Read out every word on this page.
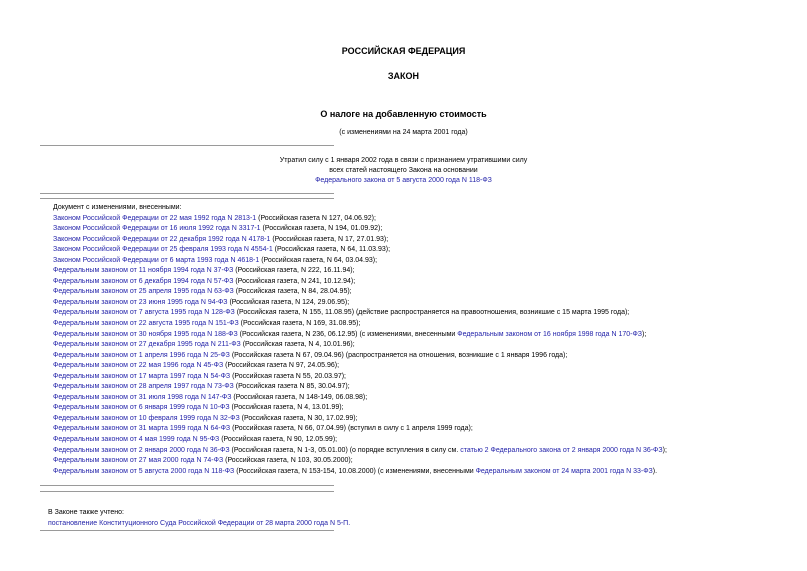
РОССИЙСКАЯ ФЕДЕРАЦИЯ
ЗАКОН
О налоге на добавленную стоимость
(с изменениями на 24 марта 2001 года)
Утратил силу с 1 января 2002 года в связи с признанием утратившими силу
всех статей настоящего Закона на основании
Федерального закона от 5 августа 2000 года N 118-ФЗ
Документ с изменениями, внесенными:
Законом Российской Федерации от 22 мая 1992 года N 2813-1 (Российская газета N 127, 04.06.92);
Законом Российской Федерации от 16 июля 1992 года N 3317-1 (Российская газета, N 194, 01.09.92);
Законом Российской Федерации от 22 декабря 1992 года N 4178-1 (Российская газета, N 17, 27.01.93);
Законом Российской Федерации от 25 февраля 1993 года N 4554-1 (Российская газета, N 64, 11.03.93);
Законом Российской Федерации от 6 марта 1993 года N 4618-1 (Российская газета, N 64, 03.04.93);
Федеральным законом от 11 ноября 1994 года N 37-ФЗ (Российская газета, N 222, 16.11.94);
Федеральным законом от 6 декабря 1994 года N 57-ФЗ (Российская газета, N 241, 10.12.94);
Федеральным законом от 25 апреля 1995 года N 63-ФЗ (Российская газета, N 84, 28.04.95);
Федеральным законом от 23 июня 1995 года N 94-ФЗ (Российская газета, N 124, 29.06.95);
Федеральным законом от 7 августа 1995 года N 128-ФЗ (Российская газета, N 155, 11.08.95) (действие распространяется на правоотношения, возникшие с 15 марта 1995 года);
Федеральным законом от 22 августа 1995 года N 151-ФЗ (Российская газета, N 169, 31.08.95);
Федеральным законом от 30 ноября 1995 года N 188-ФЗ (Российская газета, N 236, 06.12.95) (с изменениями, внесенными Федеральным законом от 16 ноября 1998 года N 170-ФЗ);
Федеральным законом от 27 декабря 1995 года N 211-ФЗ (Российская газета, N 4, 10.01.96);
Федеральным законом от 1 апреля 1996 года N 25-ФЗ (Российская газета N 67, 09.04.96) (распространяется на отношения, возникшие с 1 января 1996 года);
Федеральным законом от 22 мая 1996 года N 45-ФЗ (Российская газета N 97, 24.05.96);
Федеральным законом от 17 марта 1997 года N 54-ФЗ (Российская газета N 55, 20.03.97);
Федеральным законом от 28 апреля 1997 года N 73-ФЗ (Российская газета N 85, 30.04.97);
Федеральным законом от 31 июля 1998 года N 147-ФЗ (Российская газета, N 148-149, 06.08.98);
Федеральным законом от 6 января 1999 года N 10-ФЗ (Российская газета, N 4, 13.01.99);
Федеральным законом от 10 февраля 1999 года N 32-ФЗ (Российская газета, N 30, 17.02.99);
Федеральным законом от 31 марта 1999 года N 64-ФЗ (Российская газета, N 66, 07.04.99) (вступил в силу с 1 апреля 1999 года);
Федеральным законом от 4 мая 1999 года N 95-ФЗ (Российская газета, N 90, 12.05.99);
Федеральным законом от 2 января 2000 года N 36-ФЗ (Российская газета, N 1-3, 05.01.00) (о порядке вступления в силу см. статью 2 Федерального закона от 2 января 2000 года N 36-ФЗ);
Федеральным законом от 27 мая 2000 года N 74-ФЗ (Российская газета, N 103, 30.05.2000);
Федеральным законом от 5 августа 2000 года N 118-ФЗ (Российская газета, N 153-154, 10.08.2000) (с изменениями, внесенными Федеральным законом от 24 марта 2001 года N 33-ФЗ).
В Законе также учтено:
постановление Конституционного Суда Российской Федерации от 28 марта 2000 года N 5-П.
